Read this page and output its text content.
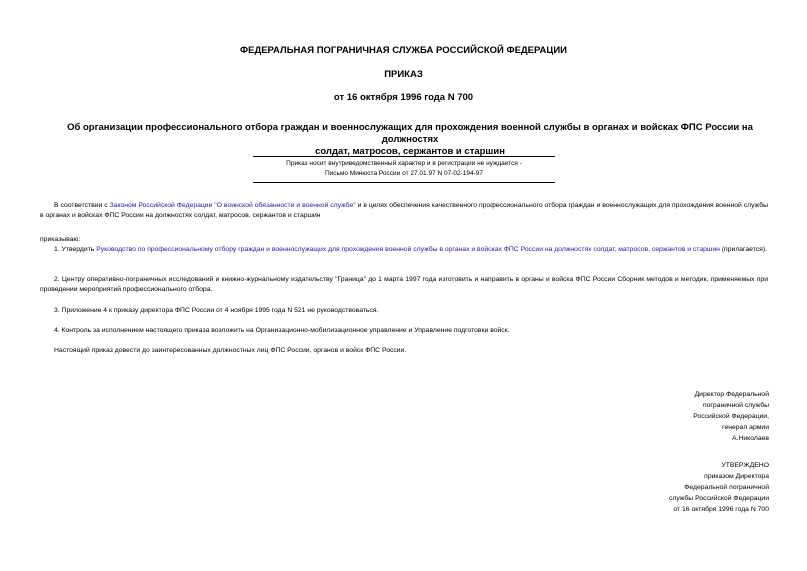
ФЕДЕРАЛЬНАЯ ПОГРАНИЧНАЯ СЛУЖБА РОССИЙСКОЙ ФЕДЕРАЦИИ
ПРИКАЗ
от 16 октября 1996 года N 700
Об организации профессионального отбора граждан и военнослужащих для прохождения военной службы в органах и войсках ФПС России на должностях
солдат, матросов, сержантов и старшин
Приказ носит внутриведомственный характер и в регистрации не нуждается -
Письмо Минюста России от 27.01.97 N 07-02-194-97
В соответствии с Законом Российской Федерации "О воинской обязанности и военной службе" и в целях обеспечения качественного профессионального отбора граждан и военнослужащих для прохождения военной службы в органах и войсках ФПС России на должностях солдат, матросов, сержантов и старшин
приказываю:
1. Утвердить Руководство по профессиональному отбору граждан и военнослужащих для прохождения военной службы в органах и войсках ФПС России на должностях солдат, матросов, сержантов и старшин (прилагается).
2. Центру оперативно-пограничных исследований и книжно-журнальному издательству "Граница" до 1 марта 1997 года изготовить и направить в органы и войска ФПС России Сборник методов и методик, применяемых при проведении мероприятий профессионального отбора.
3. Приложение 4 к приказу директора ФПС России от 4 ноября 1995 года N 521 не руководствоваться.
4. Контроль за исполнением настоящего приказа возложить на Организационно-мобилизационное управление и Управление подготовки войск.
Настоящий приказ довести до заинтересованных должностных лиц ФПС России, органов и войск ФПС России.
Директор Федеральной
пограничной службы
Российской Федерации,
генерал армии
А.Николаев
УТВЕРЖДЕНО
приказом Директора
Федеральной пограничной
службы Российской Федерации
от 16 октября 1996 года N 700
